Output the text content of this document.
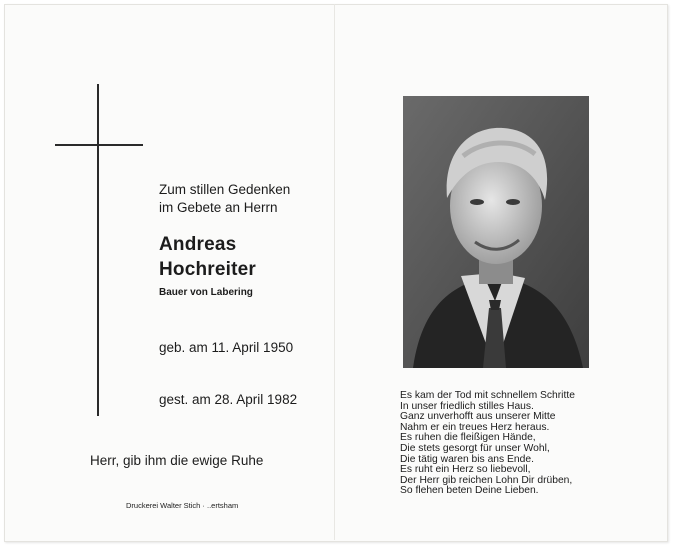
Zum stillen Gedenken
im Gebete an Herrn
Andreas
Hochreiter
Bauer von Labering
geb. am 11. April 1950
gest. am 28. April 1982
Herr, gib ihm die ewige Ruhe
Druckerei Walter Stich · ..ertsham
Es kam der Tod mit schnellem Schritte
In unser friedlich stilles Haus.
Ganz unverhofft aus unserer Mitte
Nahm er ein treues Herz heraus.
Es ruhen die fleißigen Hände,
Die stets gesorgt für unser Wohl,
Die tätig waren bis ans Ende.
Es ruht ein Herz so liebevoll,
Der Herr gib reichen Lohn Dir drüben,
So flehen beten Deine Lieben.
